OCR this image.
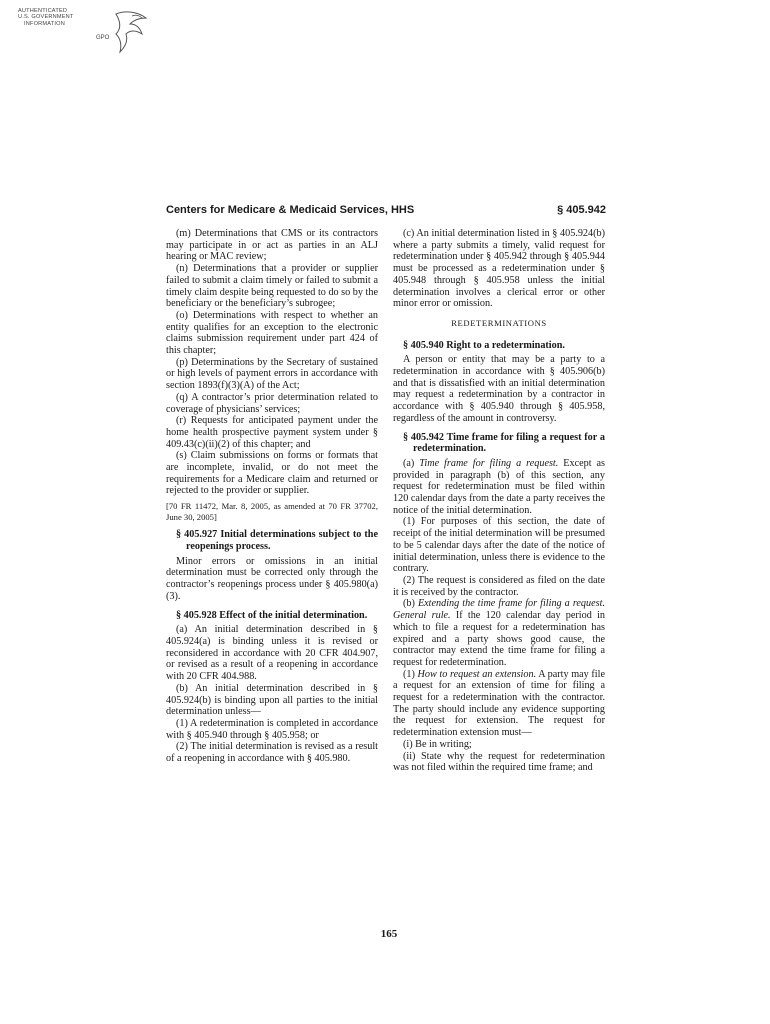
AUTHENTICATED
U.S. GOVERNMENT
INFORMATION
GPO
Centers for Medicare & Medicaid Services, HHS	§ 405.942

(m) Determinations that CMS or its contractors may participate in or act as parties in an ALJ hearing or MAC review;

(n) Determinations that a provider or supplier failed to submit a claim timely or failed to submit a timely claim despite being requested to do so by the beneficiary or the beneficiary’s subrogee;

(o) Determinations with respect to whether an entity qualifies for an exception to the electronic claims submission requirement under part 424 of this chapter;

(p) Determinations by the Secretary of sustained or high levels of payment errors in accordance with section 1893(f)(3)(A) of the Act;

(q) A contractor’s prior determination related to coverage of physicians’ services;

(r) Requests for anticipated payment under the home health prospective payment system under § 409.43(c)(ii)(2) of this chapter; and

(s) Claim submissions on forms or formats that are incomplete, invalid, or do not meet the requirements for a Medicare claim and returned or rejected to the provider or supplier.

[70 FR 11472, Mar. 8, 2005, as amended at 70 FR 37702, June 30, 2005]

§ 405.927 Initial determinations subject to the reopenings process.

Minor errors or omissions in an initial determination must be corrected only through the contractor’s reopenings process under § 405.980(a)(3).

§ 405.928 Effect of the initial determination.

(a) An initial determination described in § 405.924(a) is binding unless it is revised or reconsidered in accordance with 20 CFR 404.907, or revised as a result of a reopening in accordance with 20 CFR 404.988.

(b) An initial determination described in § 405.924(b) is binding upon all parties to the initial determination unless—

(1) A redetermination is completed in accordance with § 405.940 through § 405.958; or

(2) The initial determination is revised as a result of a reopening in accordance with § 405.980.

(c) An initial determination listed in § 405.924(b) where a party submits a timely, valid request for redetermination under § 405.942 through § 405.944 must be processed as a redetermination under § 405.948 through § 405.958 unless the initial determination involves a clerical error or other minor error or omission.

REDETERMINATIONS

§ 405.940 Right to a redetermination.

A person or entity that may be a party to a redetermination in accordance with § 405.906(b) and that is dissatisfied with an initial determination may request a redetermination by a contractor in accordance with § 405.940 through § 405.958, regardless of the amount in controversy.

§ 405.942 Time frame for filing a request for a redetermination.

(a) Time frame for filing a request. Except as provided in paragraph (b) of this section, any request for redetermination must be filed within 120 calendar days from the date a party receives the notice of the initial determination.

(1) For purposes of this section, the date of receipt of the initial determination will be presumed to be 5 calendar days after the date of the notice of initial determination, unless there is evidence to the contrary.

(2) The request is considered as filed on the date it is received by the contractor.

(b) Extending the time frame for filing a request. General rule. If the 120 calendar day period in which to file a request for a redetermination has expired and a party shows good cause, the contractor may extend the time frame for filing a request for redetermination.

(1) How to request an extension. A party may file a request for an extension of time for filing a request for a redetermination with the contractor. The party should include any evidence supporting the request for extension. The request for redetermination extension must—

(i) Be in writing;

(ii) State why the request for redetermination was not filed within the required time frame; and

165
